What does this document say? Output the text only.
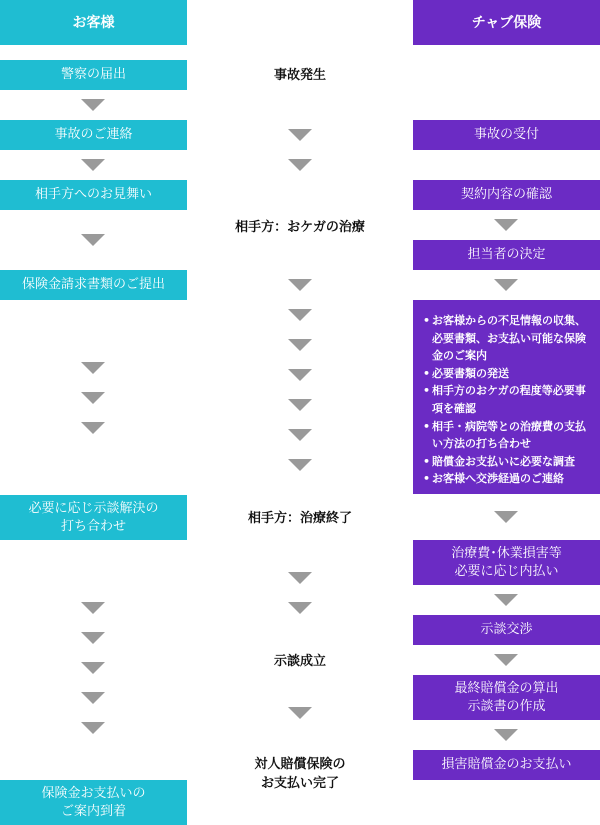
お客様
警察の届出
事故のご連絡
相手方へのお見舞い
保険金請求書類のご提出
必要に応じ示談解決の
打ち合わせ
保険金お支払いの
ご案内到着
事故発生
相手方：おケガの治療
相手方：治療終了
示談成立
対人賠償保険の
お支払い完了
チャブ保険
事故の受付
契約内容の確認
担当者の決定
• お客様からの不足情報の収集、必要書類、お支払い可能な保険金のご案内
• 必要書類の発送
• 相手方のおケガの程度等必要事項を確認
• 相手・病院等との治療費の支払い方法の打ち合わせ
• 賠償金お支払いに必要な調査
• お客様へ交渉経過のご連絡
治療費･休業損害等
必要に応じ内払い
示談交渉
最終賠償金の算出
示談書の作成
損害賠償金のお支払い
